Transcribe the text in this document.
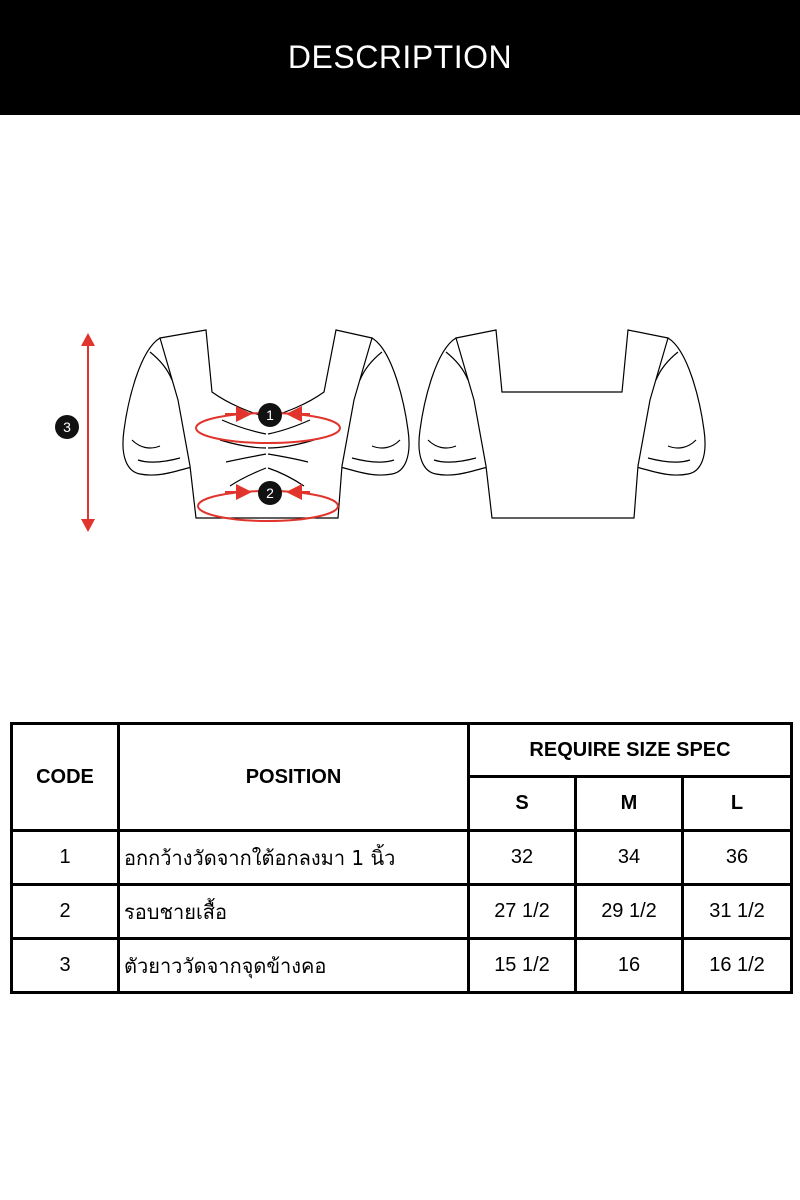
DESCRIPTION
3
1
2
CODE	POSITION	REQUIRE SIZE SPEC		
		S	M	L
1	อกกว้างวัดจากใต้อกลงมา 1 นิ้ว	32	34	36
2	รอบชายเสื้อ	27 1/2	29 1/2	31 1/2
3	ตัวยาววัดจากจุดข้างคอ	15 1/2	16	16 1/2
